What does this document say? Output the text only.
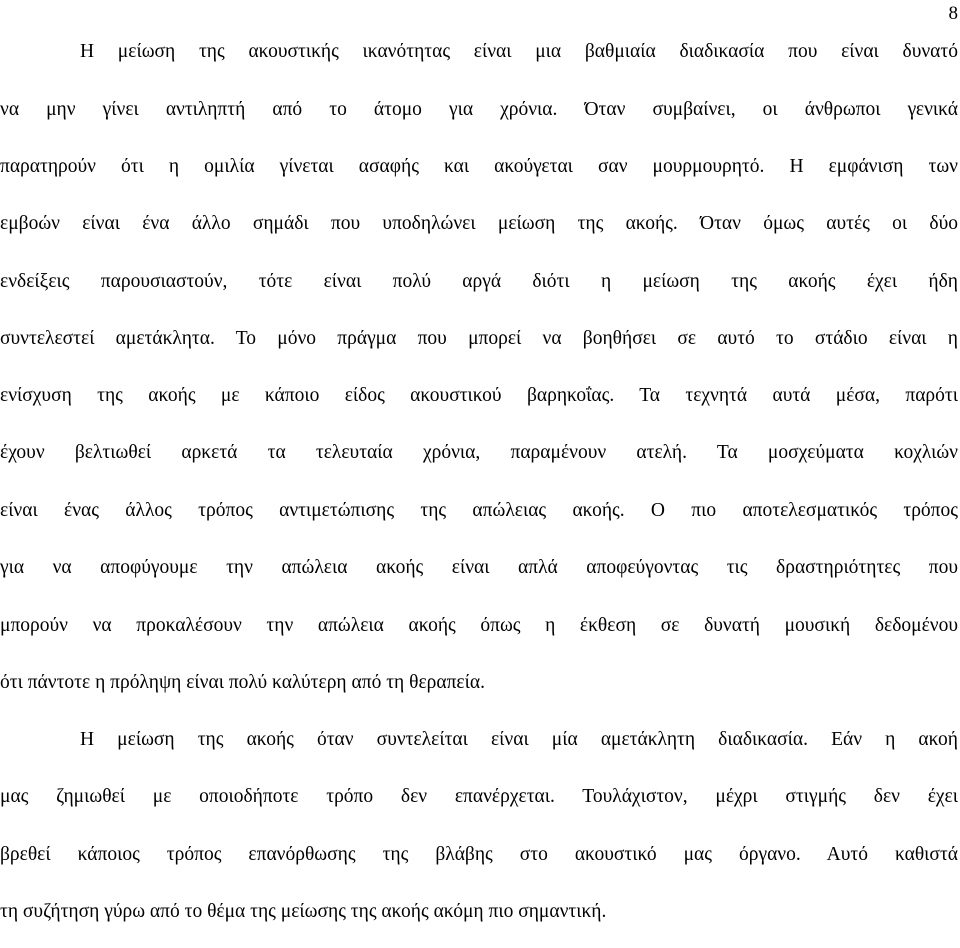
8
Η μείωση της ακουστικής ικανότητας είναι μια βαθμιαία διαδικασία που είναι δυνατό
να μην γίνει αντιληπτή από το άτομο για χρόνια. Όταν συμβαίνει, οι άνθρωποι γενικά
παρατηρούν ότι η ομιλία γίνεται ασαφής και ακούγεται σαν μουρμουρητό. Η εμφάνιση των
εμβοών είναι ένα άλλο σημάδι που υποδηλώνει μείωση της ακοής. Όταν όμως αυτές οι δύο
ενδείξεις παρουσιαστούν, τότε είναι πολύ αργά διότι η μείωση της ακοής έχει ήδη
συντελεστεί αμετάκλητα. Το μόνο πράγμα που μπορεί να βοηθήσει σε αυτό το στάδιο είναι η
ενίσχυση της ακοής με κάποιο είδος ακουστικού βαρηκοΐας. Τα τεχνητά αυτά μέσα, παρότι
έχουν βελτιωθεί αρκετά τα τελευταία χρόνια, παραμένουν ατελή. Τα μοσχεύματα κοχλιών
είναι ένας άλλος τρόπος αντιμετώπισης της απώλειας ακοής. Ο πιο αποτελεσματικός τρόπος
για να αποφύγουμε την απώλεια ακοής είναι απλά αποφεύγοντας τις δραστηριότητες που
μπορούν να προκαλέσουν την απώλεια ακοής όπως η έκθεση σε δυνατή μουσική δεδομένου
ότι πάντοτε η πρόληψη είναι πολύ καλύτερη από τη θεραπεία.
Η μείωση της ακοής όταν συντελείται είναι μία αμετάκλητη διαδικασία. Εάν η ακοή
μας ζημιωθεί με οποιοδήποτε τρόπο δεν επανέρχεται. Τουλάχιστον, μέχρι στιγμής δεν έχει
βρεθεί κάποιος τρόπος επανόρθωσης της βλάβης στο ακουστικό μας όργανο. Αυτό καθιστά
τη συζήτηση γύρω από το θέμα της μείωσης της ακοής ακόμη πιο σημαντική.
